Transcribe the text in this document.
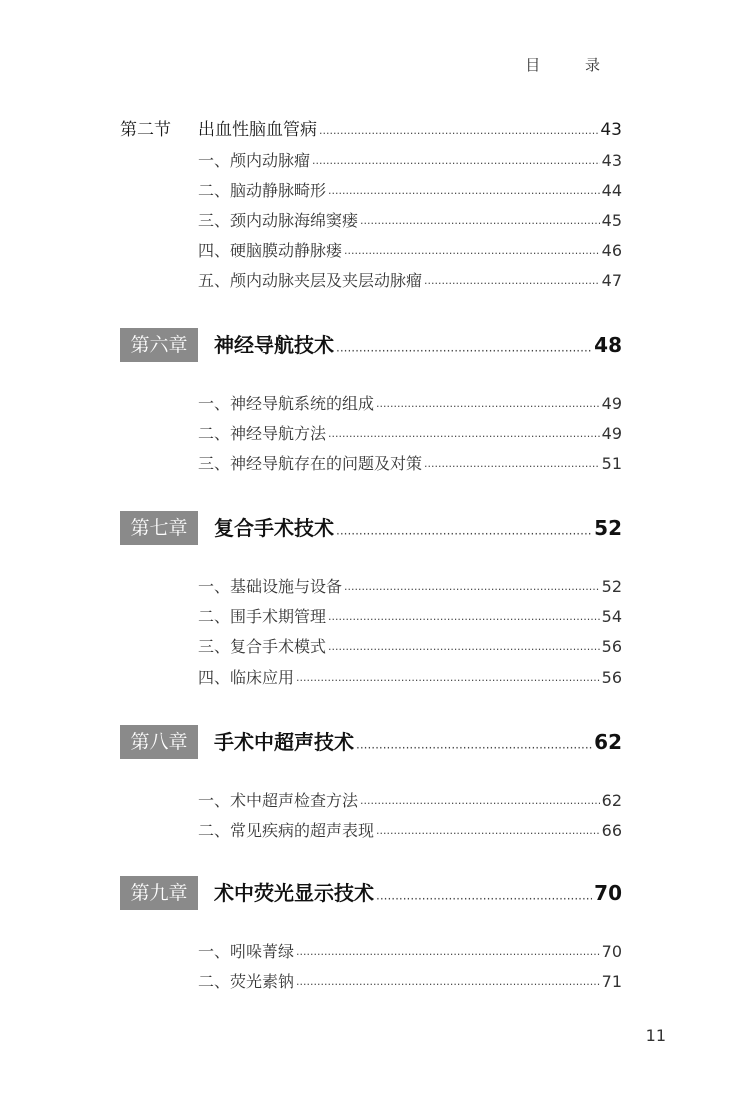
目 录
第二节	出血性脑血管病 ·····	43
一、颅内动脉瘤 ·····	43
二、脑动静脉畸形 ·····	44
三、颈内动脉海绵窦瘘 ·····	45
四、硬脑膜动静脉瘘 ·····	46
五、颅内动脉夹层及夹层动脉瘤 ·····	47
第六章	神经导航技术 ·····	48
一、神经导航系统的组成 ·····	49
二、神经导航方法 ·····	49
三、神经导航存在的问题及对策 ·····	51
第七章	复合手术技术 ·····	52
一、基础设施与设备 ·····	52
二、围手术期管理 ·····	54
三、复合手术模式 ·····	56
四、临床应用 ·····	56
第八章	手术中超声技术 ·····	62
一、术中超声检查方法 ·····	62
二、常见疾病的超声表现 ·····	66
第九章	术中荧光显示技术 ·····	70
一、吲哚菁绿 ·····	70
二、荧光素钠 ·····	71
11
